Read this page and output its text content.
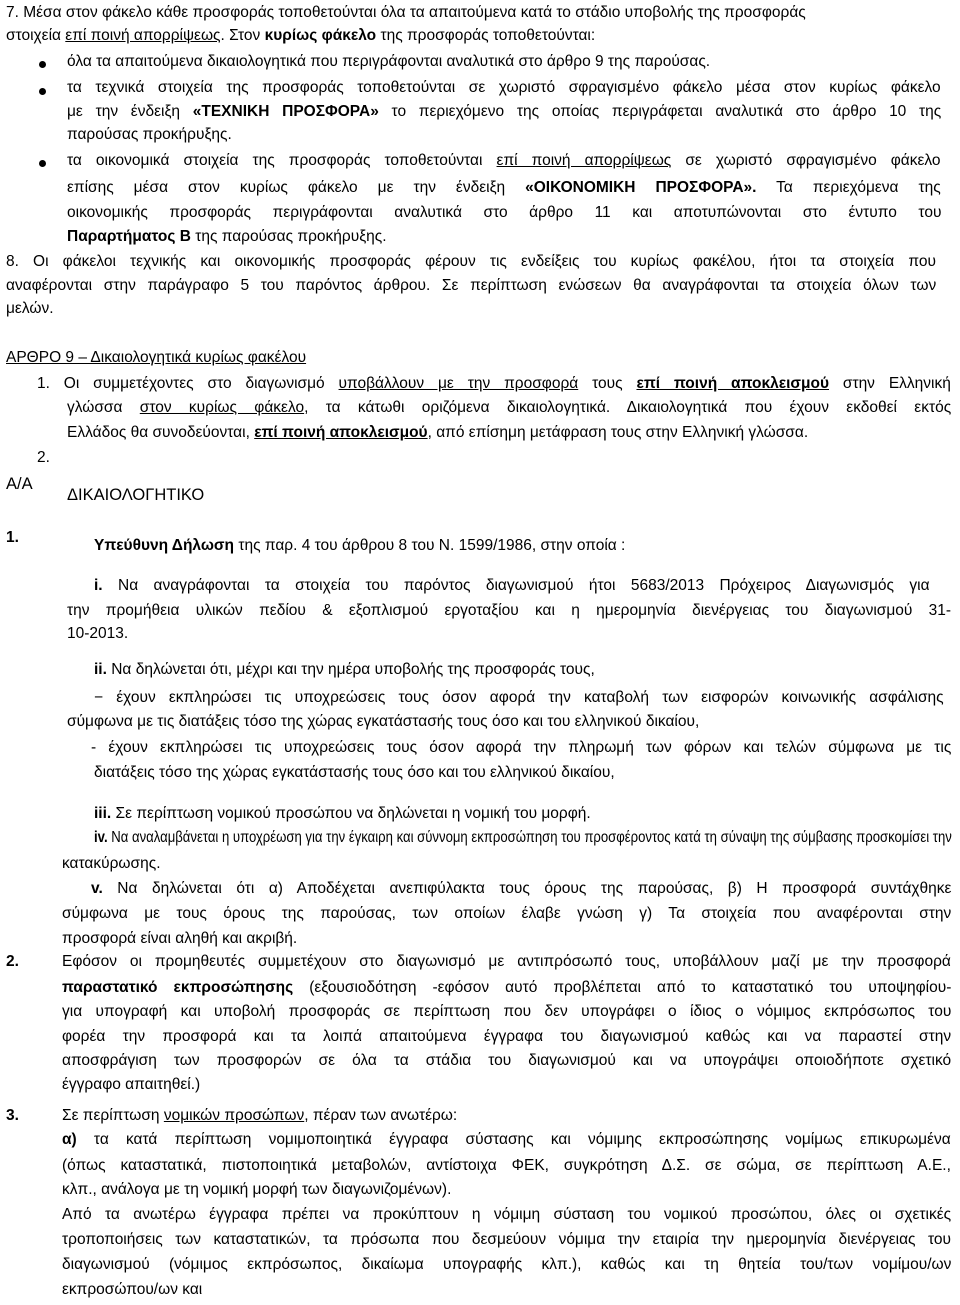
7. Μέσα στον φάκελο κάθε προσφοράς τοποθετούνται όλα τα απαιτούμενα κατά το στάδιο υποβολής της προσφοράς
στοιχεία επί ποινή απορρίψεως. Στον κυρίως φάκελο της προσφοράς τοποθετούνται:
όλα τα απαιτούμενα δικαιολογητικά που περιγράφονται αναλυτικά στο άρθρο 9 της παρούσας.
τα τεχνικά στοιχεία της προσφοράς τοποθετούνται σε χωριστό σφραγισμένο φάκελο μέσα στον κυρίως φάκελο
με την ένδειξη «ΤΕΧΝΙΚΗ ΠΡΟΣΦΟΡΑ» το περιεχόμενο της οποίας περιγράφεται αναλυτικά στο άρθρο 10 της
παρούσας προκήρυξης.
τα οικονομικά στοιχεία της προσφοράς τοποθετούνται επί ποινή απορρίψεως σε χωριστό σφραγισμένο φάκελο
επίσης μέσα στον κυρίως φάκελο με την ένδειξη «ΟΙΚΟΝΟΜΙΚΗ ΠΡΟΣΦΟΡΑ». Τα περιεχόμενα της
οικονομικής προσφοράς περιγράφονται αναλυτικά στο άρθρο 11 και αποτυπώνονται στο έντυπο του
Παραρτήματος Β της παρούσας προκήρυξης.
8. Οι φάκελοι τεχνικής και οικονομικής προσφοράς φέρουν τις ενδείξεις του κυρίως φακέλου, ήτοι τα στοιχεία που
αναφέρονται στην παράγραφο 5 του παρόντος άρθρου. Σε περίπτωση ενώσεων θα αναγράφονται τα στοιχεία όλων των
μελών.
ΑΡΘΡΟ 9 – Δικαιολογητικά κυρίως φακέλου
1. Οι συμμετέχοντες στο διαγωνισμό υποβάλλουν με την προσφορά τους επί ποινή αποκλεισμού στην Ελληνική
γλώσσα στον κυρίως φάκελο, τα κάτωθι οριζόμενα δικαιολογητικά. Δικαιολογητικά που έχουν εκδοθεί εκτός
Ελλάδος θα συνοδεύονται, επί ποινή αποκλεισμού, από επίσημη μετάφραση τους στην Ελληνική γλώσσα.
2.
Α/Α
ΔΙΚΑΙΟΛΟΓΗΤΙΚΟ
1.	Υπεύθυνη Δήλωση της παρ. 4 του άρθρου 8 του Ν. 1599/1986, στην οποία :
i. Να αναγράφονται τα στοιχεία του παρόντος διαγωνισμού ήτοι 5683/2013 Πρόχειρος Διαγωνισμός για
την προμήθεια υλικών πεδίου & εξοπλισμού εργοταξίου και η ημερομηνία διενέργειας του διαγωνισμού 31-
10-2013.
ii. Να δηλώνεται ότι, μέχρι και την ημέρα υποβολής της προσφοράς τους,
− έχουν εκπληρώσει τις υποχρεώσεις τους όσον αφορά την καταβολή των εισφορών κοινωνικής ασφάλισης
σύμφωνα με τις διατάξεις τόσο της χώρας εγκατάστασής τους όσο και του ελληνικού δικαίου,
- έχουν εκπληρώσει τις υποχρεώσεις τους όσον αφορά την πληρωμή των φόρων και τελών σύμφωνα με τις
διατάξεις τόσο της χώρας εγκατάστασής τους όσο και του ελληνικού δικαίου,
iii. Σε περίπτωση νομικού προσώπου να δηλώνεται η νομική του μορφή.
iv. Να αναλαμβάνεται η υποχρέωση για την έγκαιρη και σύννομη εκπροσώπηση του προσφέροντος κατά τη σύναψη της σύμβασης προσκομίσει την
κατακύρωσης.
v. Να δηλώνεται ότι α) Αποδέχεται ανεπιφύλακτα τους όρους της παρούσας, β) Η προσφορά συντάχθηκε
σύμφωνα με τους όρους της παρούσας, των οποίων έλαβε γνώση γ) Τα στοιχεία που αναφέρονται στην
προσφορά είναι αληθή και ακριβή.
2.	Εφόσον οι προμηθευτές συμμετέχουν στο διαγωνισμό με αντιπρόσωπό τους, υποβάλλουν μαζί με την προσφορά
παραστατικό εκπροσώπησης (εξουσιοδότηση -εφόσον αυτό προβλέπεται από το καταστατικό του υποψηφίου-
για υπογραφή και υποβολή προσφοράς σε περίπτωση που δεν υπογράφει ο ίδιος ο νόμιμος εκπρόσωπος του
φορέα την προσφορά και τα λοιπά απαιτούμενα έγγραφα του διαγωνισμού καθώς και να παραστεί στην
αποσφράγιση των προσφορών σε όλα τα στάδια του διαγωνισμού και να υπογράψει οποιοδήποτε σχετικό
έγγραφο απαιτηθεί.)
3.	Σε περίπτωση νομικών προσώπων, πέραν των ανωτέρω:
α) τα κατά περίπτωση νομιμοποιητικά έγγραφα σύστασης και νόμιμης εκπροσώπησης νομίμως επικυρωμένα
(όπως καταστατικά, πιστοποιητικά μεταβολών, αντίστοιχα ΦΕΚ, συγκρότηση Δ.Σ. σε σώμα, σε περίπτωση Α.Ε.,
κλπ., ανάλογα με τη νομική μορφή των διαγωνιζομένων).
Από τα ανωτέρω έγγραφα πρέπει να προκύπτουν η νόμιμη σύσταση του νομικού προσώπου, όλες οι σχετικές
τροποποιήσεις των καταστατικών, τα πρόσωπα που δεσμεύουν νόμιμα την εταιρία την ημερομηνία διενέργειας του
διαγωνισμού (νόμιμος εκπρόσωπος, δικαίωμα υπογραφής κλπ.), καθώς και τη θητεία του/των νομίμου/ων
εκπροσώπου/ων και
